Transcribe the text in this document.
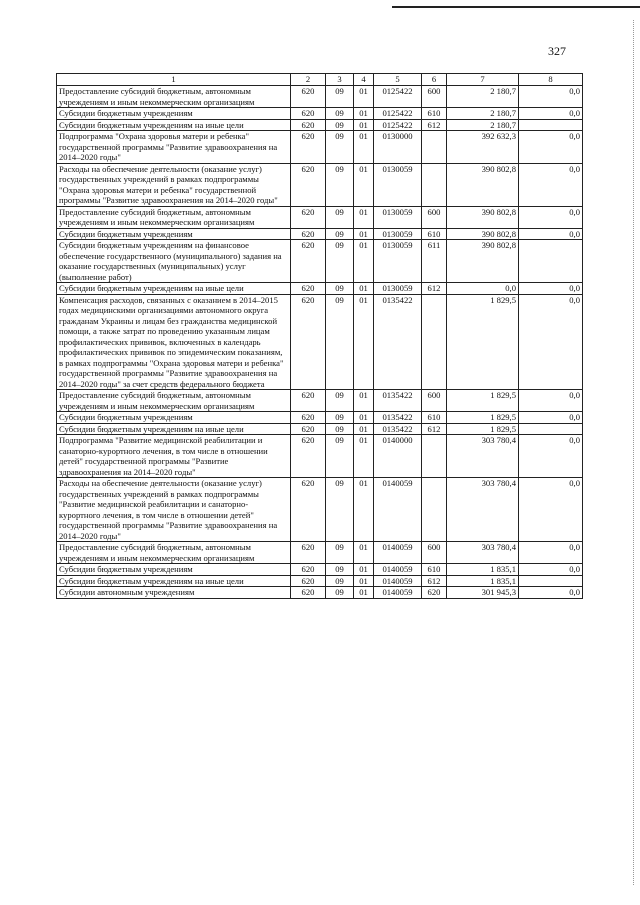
327
1	2	3	4	5	6	7	8
Предоставление субсидий бюджетным, автономным учреждениям и иным некоммерческим организациям	620	09	01	0125422	600	2 180,7	0,0
Субсидии бюджетным учреждениям	620	09	01	0125422	610	2 180,7	0,0
Субсидии бюджетным учреждениям на иные цели	620	09	01	0125422	612	2 180,7	
Подпрограмма "Охрана здоровья матери и ребенка" государственной программы "Развитие здравоохранения на 2014–2020 годы"	620	09	01	0130000		392 632,3	0,0
Расходы на обеспечение деятельности (оказание услуг) государственных учреждений в рамках подпрограммы "Охрана здоровья матери и ребенка" государственной программы "Развитие здравоохранения на 2014–2020 годы"	620	09	01	0130059		390 802,8	0,0
Предоставление субсидий бюджетным, автономным учреждениям и иным некоммерческим организациям	620	09	01	0130059	600	390 802,8	0,0
Субсидии бюджетным учреждениям	620	09	01	0130059	610	390 802,8	0,0
Субсидии бюджетным учреждениям на финансовое обеспечение государственного (муниципального) задания на оказание государственных (муниципальных) услуг (выполнение работ)	620	09	01	0130059	611	390 802,8	
Субсидии бюджетным учреждениям на иные цели	620	09	01	0130059	612	0,0	0,0
Компенсация расходов, связанных с оказанием в 2014–2015 годах медицинскими организациями автономного округа гражданам Украины и лицам без гражданства медицинской помощи, а также затрат по проведению указанным лицам профилактических прививок, включенных в календарь профилактических прививок по эпидемическим показаниям, в рамках подпрограммы "Охрана здоровья матери и ребенка" государственной программы "Развитие здравоохранения на 2014–2020 годы" за счет средств федерального бюджета	620	09	01	0135422		1 829,5	0,0
Предоставление субсидий бюджетным, автономным учреждениям и иным некоммерческим организациям	620	09	01	0135422	600	1 829,5	0,0
Субсидии бюджетным учреждениям	620	09	01	0135422	610	1 829,5	0,0
Субсидии бюджетным учреждениям на иные цели	620	09	01	0135422	612	1 829,5	
Подпрограмма "Развитие медицинской реабилитации и санаторно-курортного лечения, в том числе в отношении детей" государственной программы "Развитие здравоохранения на 2014–2020 годы"	620	09	01	0140000		303 780,4	0,0
Расходы на обеспечение деятельности (оказание услуг) государственных учреждений в рамках подпрограммы "Развитие медицинской реабилитации и санаторно-курортного лечения, в том числе в отношении детей" государственной программы "Развитие здравоохранения на 2014–2020 годы"	620	09	01	0140059		303 780,4	0,0
Предоставление субсидий бюджетным, автономным учреждениям и иным некоммерческим организациям	620	09	01	0140059	600	303 780,4	0,0
Субсидии бюджетным учреждениям	620	09	01	0140059	610	1 835,1	0,0
Субсидии бюджетным учреждениям на иные цели	620	09	01	0140059	612	1 835,1	
Субсидии автономным учреждениям	620	09	01	0140059	620	301 945,3	0,0
